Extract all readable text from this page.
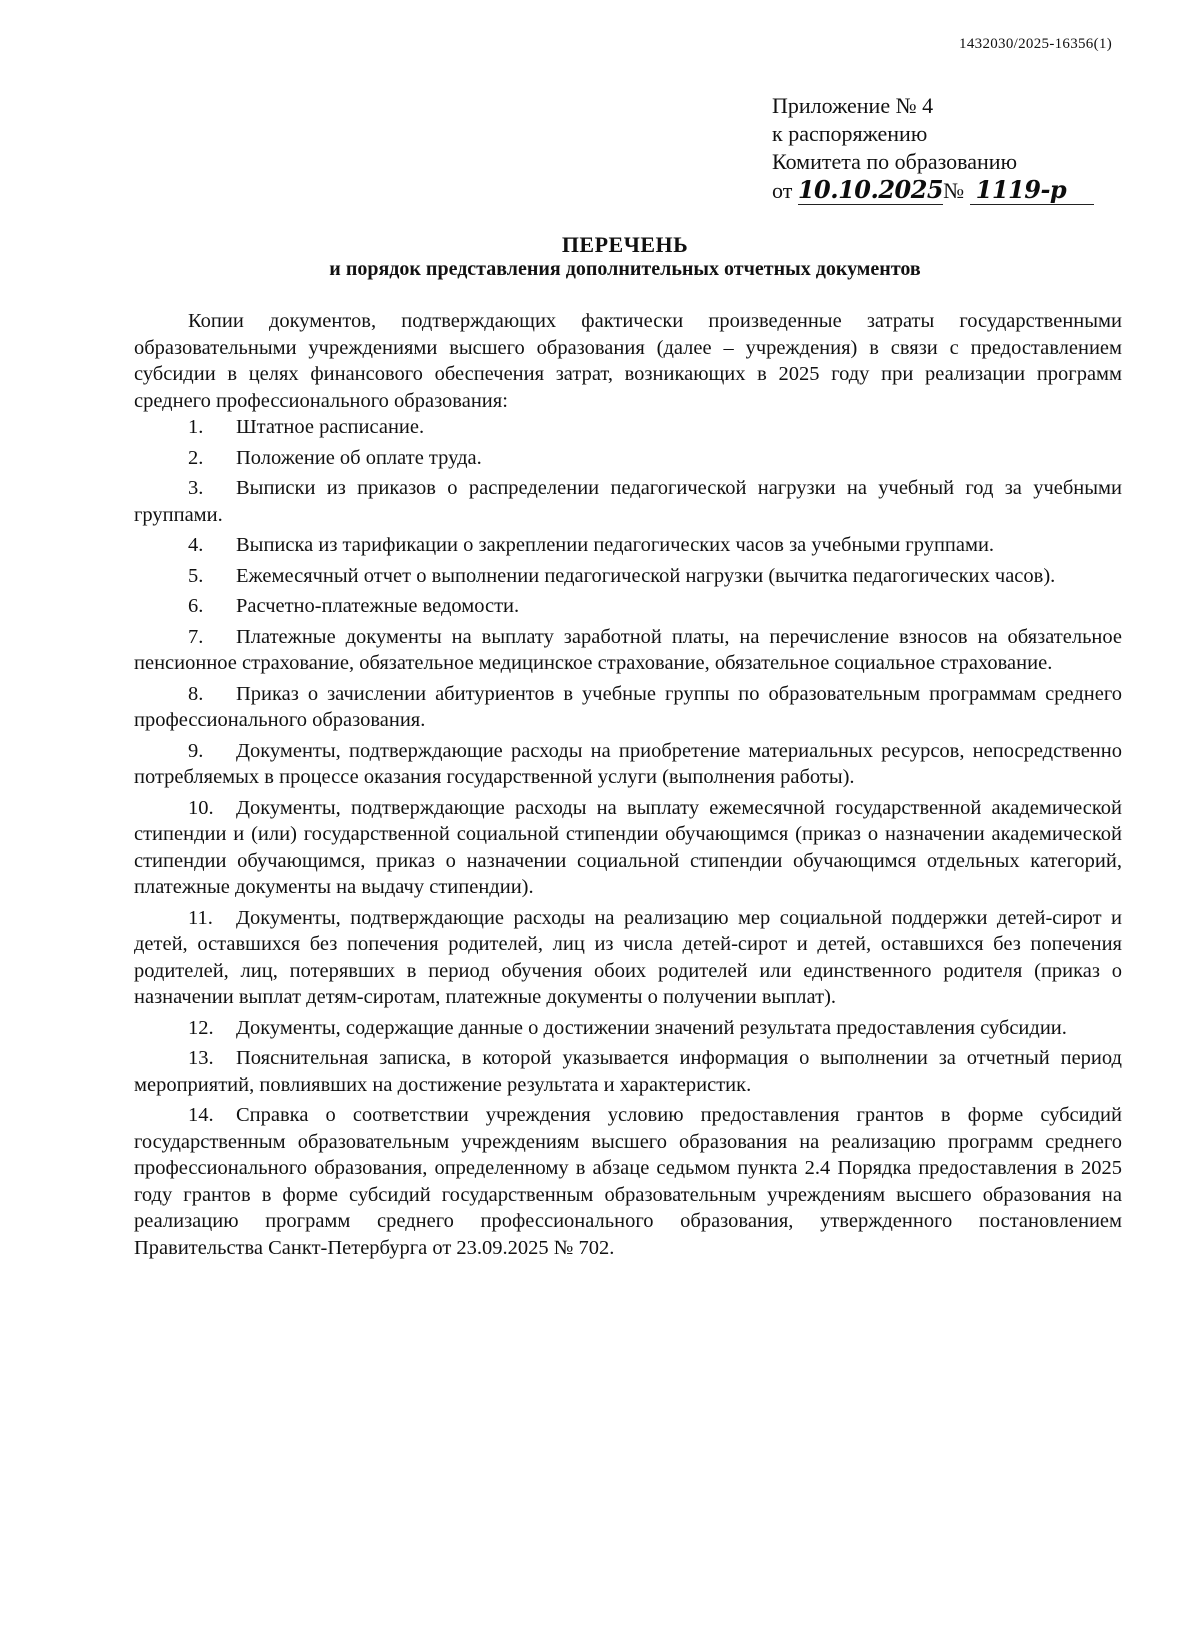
1432030/2025-16356(1)
Приложение № 4
к распоряжению
Комитета по образованию
от 10.10.2025№ 1119-р
ПЕРЕЧЕНЬ
и порядок представления дополнительных отчетных документов

Копии документов, подтверждающих фактически произведенные затраты государственными образовательными учреждениями высшего образования (далее – учреждения) в связи с предоставлением субсидии в целях финансового обеспечения затрат, возникающих в 2025 году при реализации программ среднего профессионального образования:

1. Штатное расписание.
2. Положение об оплате труда.
3. Выписки из приказов о распределении педагогической нагрузки на учебный год за учебными группами.
4. Выписка из тарификации о закреплении педагогических часов за учебными группами.
5. Ежемесячный отчет о выполнении педагогической нагрузки (вычитка педагогических часов).
6. Расчетно-платежные ведомости.
7. Платежные документы на выплату заработной платы, на перечисление взносов на обязательное пенсионное страхование, обязательное медицинское страхование, обязательное социальное страхование.
8. Приказ о зачислении абитуриентов в учебные группы по образовательным программам среднего профессионального образования.
9. Документы, подтверждающие расходы на приобретение материальных ресурсов, непосредственно потребляемых в процессе оказания государственной услуги (выполнения работы).
10. Документы, подтверждающие расходы на выплату ежемесячной государственной академической стипендии и (или) государственной социальной стипендии обучающимся (приказ о назначении академической стипендии обучающимся, приказ о назначении социальной стипендии обучающимся отдельных категорий, платежные документы на выдачу стипендии).
11. Документы, подтверждающие расходы на реализацию мер социальной поддержки детей-сирот и детей, оставшихся без попечения родителей, лиц из числа детей-сирот и детей, оставшихся без попечения родителей, лиц, потерявших в период обучения обоих родителей или единственного родителя (приказ о назначении выплат детям-сиротам, платежные документы о получении выплат).
12. Документы, содержащие данные о достижении значений результата предоставления субсидии.
13. Пояснительная записка, в которой указывается информация о выполнении за отчетный период мероприятий, повлиявших на достижение результата и характеристик.
14. Справка о соответствии учреждения условию предоставления грантов в форме субсидий государственным образовательным учреждениям высшего образования на реализацию программ среднего профессионального образования, определенному в абзаце седьмом пункта 2.4 Порядка предоставления в 2025 году грантов в форме субсидий государственным образовательным учреждениям высшего образования на реализацию программ среднего профессионального образования, утвержденного постановлением Правительства Санкт-Петербурга от 23.09.2025 № 702.
